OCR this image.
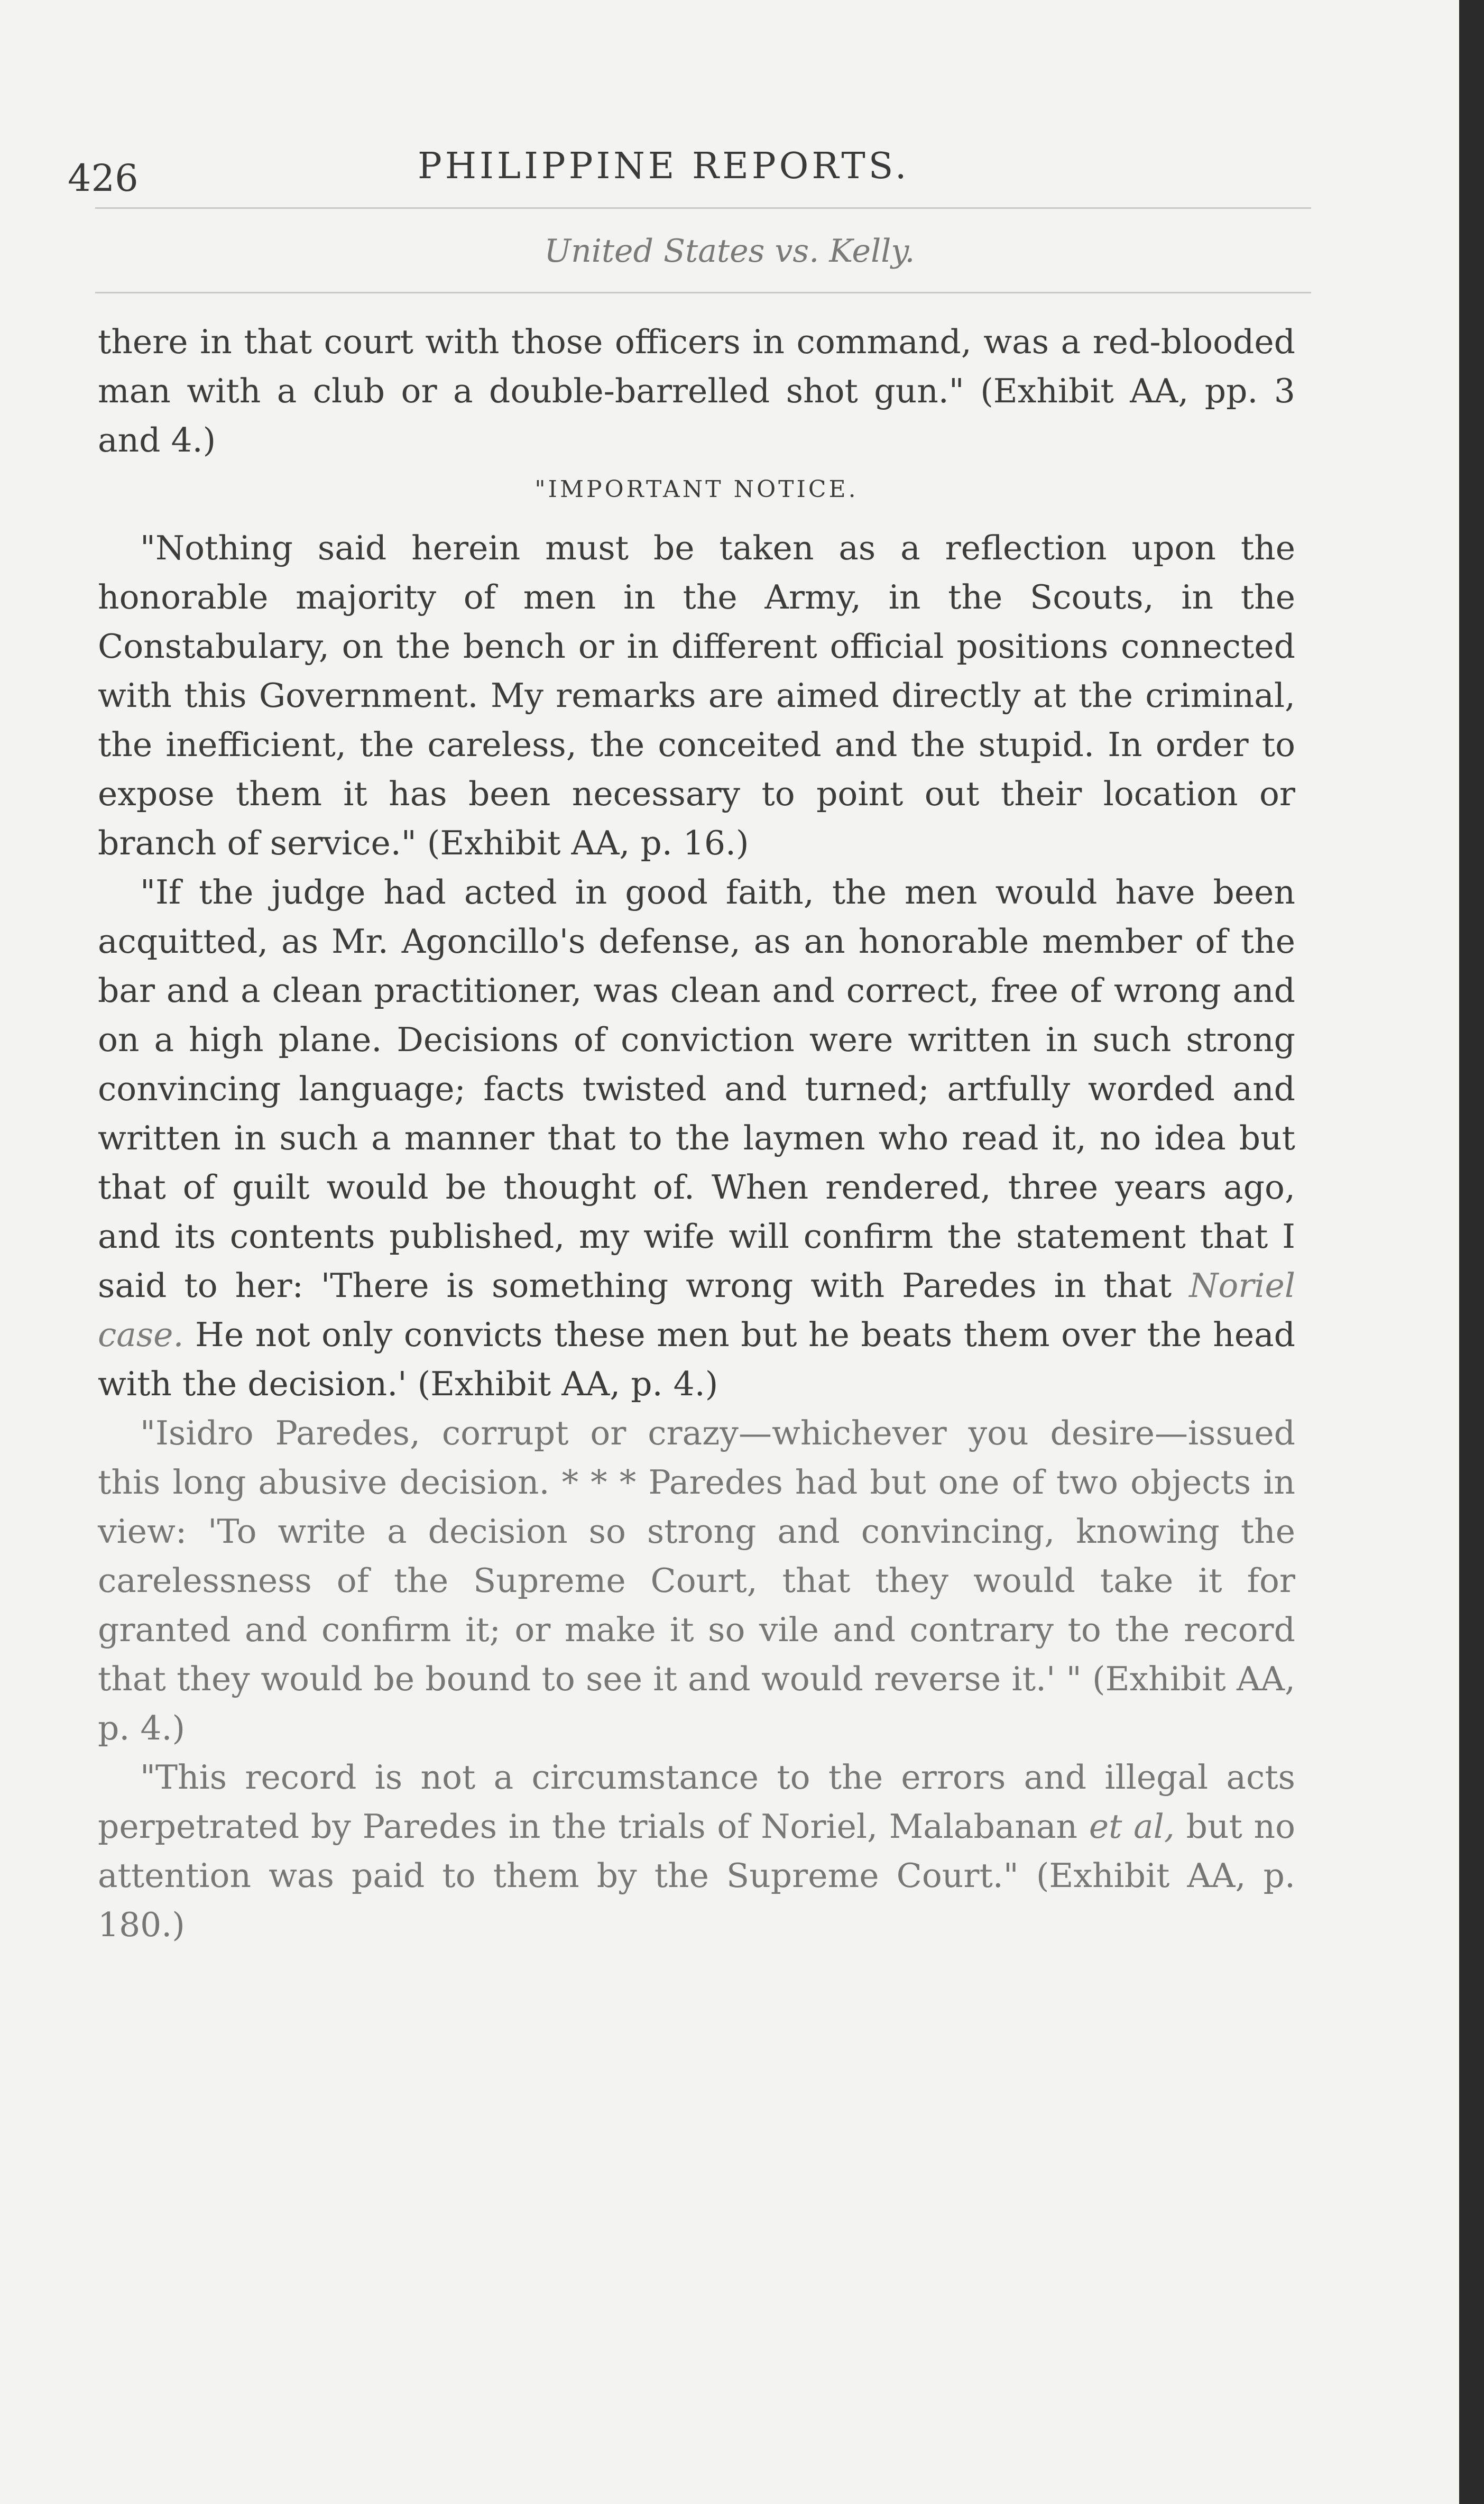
426	PHILIPPINE REPORTS.

United States vs. Kelly.

there in that court with those officers in command, was a red-blooded man with a club or a double-barrelled shot gun." (Exhibit AA, pp. 3 and 4.)

"IMPORTANT NOTICE.

"Nothing said herein must be taken as a reflection upon the honorable majority of men in the Army, in the Scouts, in the Constabulary, on the bench or in different official positions connected with this Government. My remarks are aimed directly at the criminal, the inefficient, the careless, the conceited and the stupid. In order to expose them it has been necessary to point out their location or branch of service." (Exhibit AA, p. 16.)

"If the judge had acted in good faith, the men would have been acquitted, as Mr. Agoncillo's defense, as an honorable member of the bar and a clean practitioner, was clean and correct, free of wrong and on a high plane. Decisions of conviction were written in such strong convincing language; facts twisted and turned; artfully worded and written in such a manner that to the laymen who read it, no idea but that of guilt would be thought of. When rendered, three years ago, and its contents published, my wife will confirm the statement that I said to her: 'There is something wrong with Paredes in that Noriel case. He not only convicts these men but he beats them over the head with the decision.' (Exhibit AA, p. 4.)

"Isidro Paredes, corrupt or crazy—whichever you desire—issued this long abusive decision. * * * Paredes had but one of two objects in view: 'To write a decision so strong and convincing, knowing the carelessness of the Supreme Court, that they would take it for granted and confirm it; or make it so vile and contrary to the record that they would be bound to see it and would reverse it.' " (Exhibit AA, p. 4.)

"This record is not a circumstance to the errors and illegal acts perpetrated by Paredes in the trials of Noriel, Malabanan et al, but no attention was paid to them by the Supreme Court." (Exhibit AA, p. 180.)
